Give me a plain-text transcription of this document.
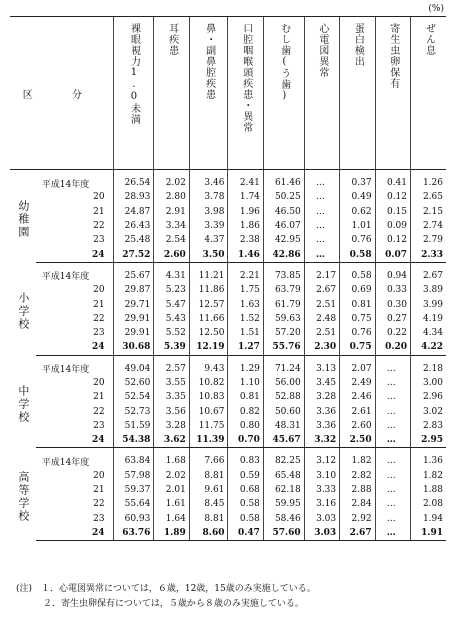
(%)
区 分		裸眼視力1.0未満	耳疾患	鼻・副鼻腔疾患	口腔咽喉頭疾患・異常	むし歯(う歯)	心電図異常	蛋白検出	寄生虫卵保有	ぜん息

幼稚園	平成14年度	26.54	2.02	3.46	2.41	61.46	…	0.37	0.41	1.26
	20	28.93	2.80	3.78	1.74	50.25	…	0.49	0.12	2.65
	21	24.87	2.91	3.98	1.96	46.50	…	0.62	0.15	2.15
	22	26.43	3.34	3.39	1.86	46.07	…	1.01	0.09	2.74
	23	25.48	2.54	4.37	2.38	42.95	…	0.76	0.12	2.79
	24	27.52	2.60	3.50	1.46	42.86	…	0.58	0.07	2.33

小学校	平成14年度	25.67	4.31	11.21	2.21	73.85	2.17	0.58	0.94	2.67
	20	29.87	5.23	11.86	1.75	63.79	2.67	0.69	0.33	3.89
	21	29.71	5.47	12.57	1.63	61.79	2.51	0.81	0.30	3.99
	22	29.91	5.43	11.66	1.52	59.63	2.48	0.75	0.27	4.19
	23	29.91	5.52	12.50	1.51	57.20	2.51	0.76	0.22	4.34
	24	30.68	5.39	12.19	1.27	55.76	2.30	0.75	0.20	4.22

中学校	平成14年度	49.04	2.57	9.43	1.29	71.24	3.13	2.07	…	2.18
	20	52.60	3.55	10.82	1.10	56.00	3.45	2.49	…	3.00
	21	52.54	3.35	10.83	0.81	52.88	3.28	2.46	…	2.96
	22	52.73	3.56	10.67	0.82	50.60	3.36	2.61	…	3.02
	23	51.59	3.28	11.75	0.80	48.31	3.36	2.60	…	2.83
	24	54.38	3.62	11.39	0.70	45.67	3.32	2.50	…	2.95

高等学校	平成14年度	63.84	1.68	7.66	0.83	82.25	3.12	1.82	…	1.36
	20	57.98	2.02	8.81	0.59	65.48	3.10	2.82	…	1.82
	21	59.37	2.01	9.61	0.68	62.18	3.33	2.88	…	1.88
	22	55.64	1.61	8.45	0.58	59.95	3.16	2.84	…	2.08
	23	60.93	1.64	8.81	0.58	58.46	3.03	2.92	…	1.94
	24	63.76	1.89	8.60	0.47	57.60	3.03	2.67	…	1.91
(注)　１．心電図異常については，６歳，12歳，15歳のみ実施している。
　　　２．寄生虫卵保有については，５歳から８歳のみ実施している。
